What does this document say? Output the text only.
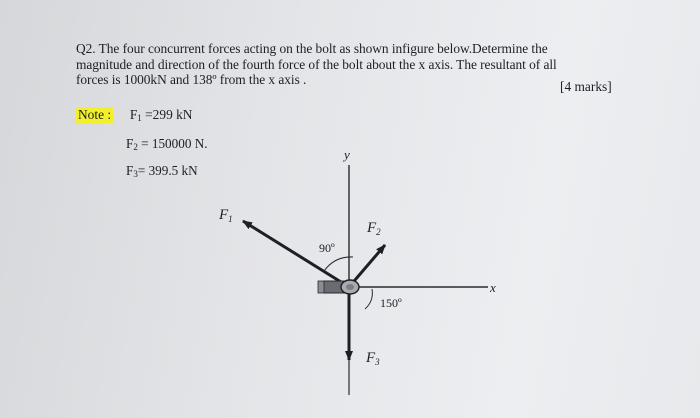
Q2. The four concurrent forces acting on the bolt as shown infigure below.Determine the

magnitude and direction of the fourth force of the bolt about the x axis. The resultant of all

forces is 1000kN and 138º from the x axis .	[4 marks]
Note : $F_1 =299$ kN
$F_2 = 150000$ N.
$F_3= 399.5$ kN
y
x
$F_1$
$F_2$
$F_3$
90º
150º
